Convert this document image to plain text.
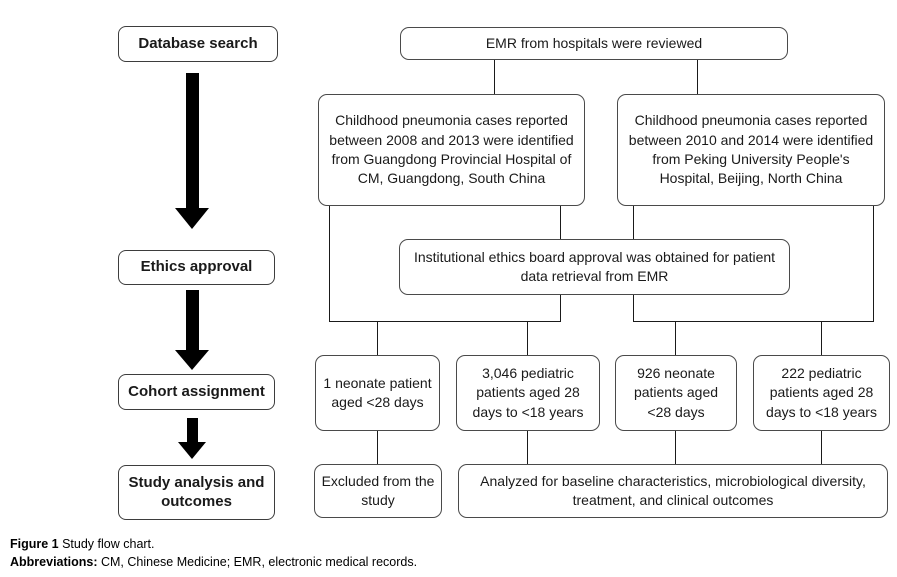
Database search
Ethics approval
Cohort assignment
Study analysis and outcomes
EMR from hospitals were reviewed
Childhood pneumonia cases reported between 2008 and 2013 were identified from Guangdong Provincial Hospital of CM, Guangdong, South China
Childhood pneumonia cases reported between 2010 and 2014 were identified from Peking University People's Hospital, Beijing, North China
Institutional ethics board approval was obtained for patient data retrieval from EMR
1 neonate patient aged <28 days
3,046 pediatric patients aged 28 days to <18 years
926 neonate patients aged <28 days
222 pediatric patients aged 28 days to <18 years
Excluded from the study
Analyzed for baseline characteristics, microbiological diversity, treatment, and clinical outcomes
Figure 1 Study flow chart.
Abbreviations: CM, Chinese Medicine; EMR, electronic medical records.
